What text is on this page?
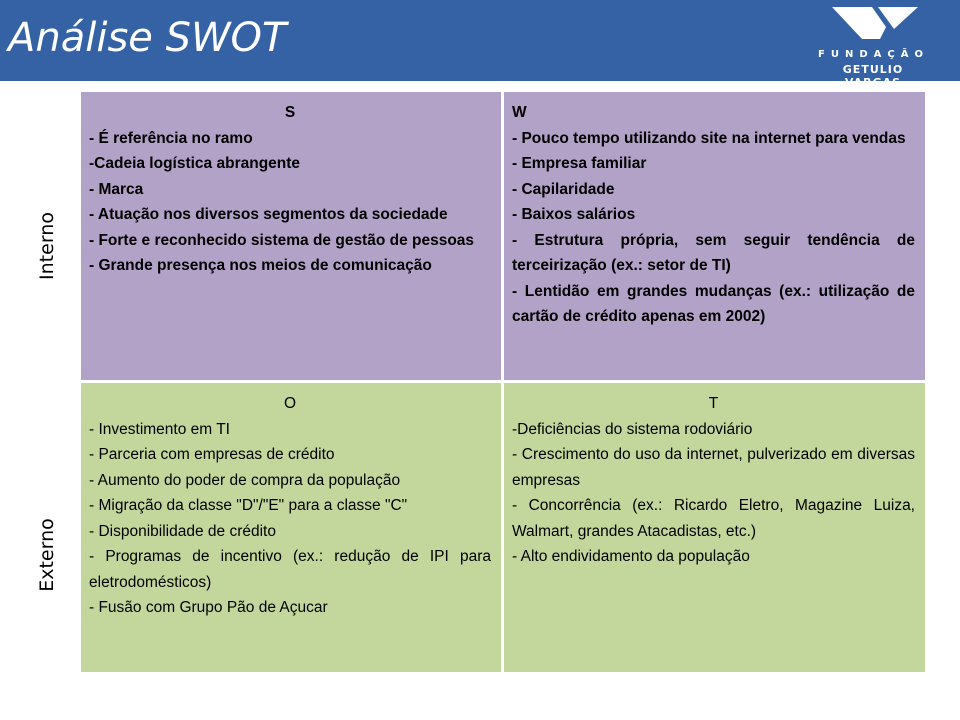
Análise SWOT	FUNDAÇÃO
GETULIO VARGAS
Interno
Externo
S
- É referência no ramo
-Cadeia logística abrangente
- Marca
- Atuação nos diversos segmentos da sociedade
- Forte e reconhecido sistema de gestão de pessoas
- Grande presença nos meios de comunicação
W
- Pouco tempo utilizando site na internet para vendas
- Empresa familiar
- Capilaridade
- Baixos salários
- Estrutura própria, sem seguir tendência de terceirização (ex.: setor de TI)
- Lentidão em grandes mudanças (ex.: utilização de cartão de crédito apenas em 2002)
O
- Investimento em TI
- Parceria com empresas de crédito
- Aumento do poder de compra da população
- Migração da classe "D"/"E" para a classe "C"
- Disponibilidade de crédito
- Programas de incentivo (ex.: redução de IPI para eletrodomésticos)
- Fusão com Grupo Pão de Açucar
T
-Deficiências do sistema rodoviário
- Crescimento do uso da internet, pulverizado em diversas empresas
- Concorrência (ex.: Ricardo Eletro, Magazine Luiza, Walmart, grandes Atacadistas, etc.)
- Alto endividamento da população
